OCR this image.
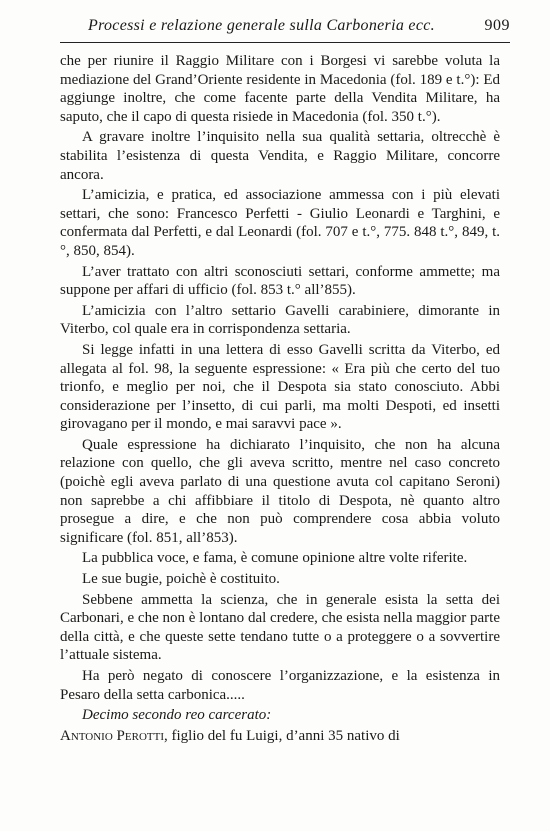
Processi e relazione generale sulla Carboneria ecc.	909

che per riunire il Raggio Militare con i Borgesi vi sarebbe voluta la mediazione del Grand’Oriente residente in Macedonia (fol. 189 e t.°): Ed aggiunge inoltre, che come facente parte della Vendita Militare, ha saputo, che il capo di questa risiede in Macedonia (fol. 350 t.°).

A gravare inoltre l’inquisito nella sua qualità settaria, oltrecchè è stabilita l’esistenza di questa Vendita, e Raggio Militare, concorre ancora.

L’amicizia, e pratica, ed associazione ammessa con i più elevati settari, che sono: Francesco Perfetti - Giulio Leonardi e Targhini, e confermata dal Perfetti, e dal Leonardi (fol. 707 e t.°, 775. 848 t.°, 849, t.°, 850, 854).

L’aver trattato con altri sconosciuti settari, conforme ammette; ma suppone per affari di ufficio (fol. 853 t.° all’855).

L’amicizia con l’altro settario Gavelli carabiniere, dimorante in Viterbo, col quale era in corrispondenza settaria.

Si legge infatti in una lettera di esso Gavelli scritta da Viterbo, ed allegata al fol. 98, la seguente espressione: « Era più che certo del tuo trionfo, e meglio per noi, che il Despota sia stato conosciuto. Abbi considerazione per l’insetto, di cui parli, ma molti Despoti, ed insetti girovagano per il mondo, e mai saravvi pace ».

Quale espressione ha dichiarato l’inquisito, che non ha alcuna relazione con quello, che gli aveva scritto, mentre nel caso concreto (poichè egli aveva parlato di una questione avuta col capitano Seroni) non saprebbe a chi affibbiare il titolo di Despota, nè quanto altro prosegue a dire, e che non può comprendere cosa abbia voluto significare (fol. 851, all’853).

La pubblica voce, e fama, è comune opinione altre volte riferite.

Le sue bugie, poichè è costituito.

Sebbene ammetta la scienza, che in generale esista la setta dei Carbonari, e che non è lontano dal credere, che esista nella maggior parte della città, e che queste sette tendano tutte o a proteggere o a sovvertire l’attuale sistema.

Ha però negato di conoscere l’organizzazione, e la esistenza in Pesaro della setta carbonica.....

Decimo secondo reo carcerato:

Antonio Perotti, figlio del fu Luigi, d’anni 35 nativo di
